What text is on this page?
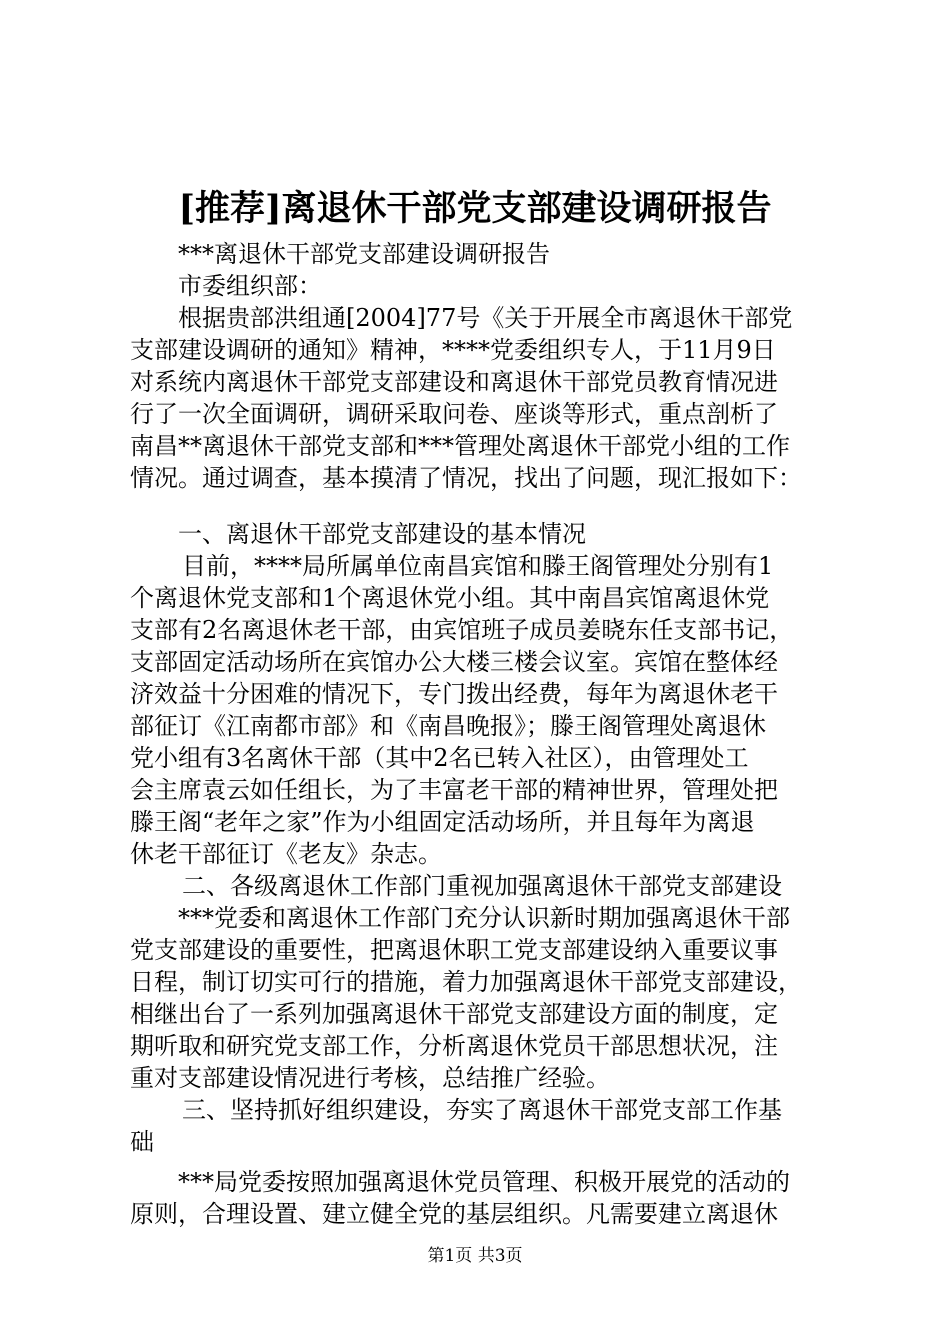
[推荐]离退休干部党支部建设调研报告
***离退休干部党支部建设调研报告
市委组织部：
根据贵部洪组通[2004]77号《关于开展全市离退休干部党
支部建设调研的通知》精神，****党委组织专人，于11月9日
对系统内离退休干部党支部建设和离退休干部党员教育情况进
行了一次全面调研，调研采取问卷、座谈等形式，重点剖析了
南昌**离退休干部党支部和***管理处离退休干部党小组的工作
情况。通过调查，基本摸清了情况，找出了问题，现汇报如下：
一、离退休干部党支部建设的基本情况
目前，****局所属单位南昌宾馆和滕王阁管理处分别有1
个离退休党支部和1个离退休党小组。其中南昌宾馆离退休党
支部有2名离退休老干部，由宾馆班子成员姜晓东任支部书记，
支部固定活动场所在宾馆办公大楼三楼会议室。宾馆在整体经
济效益十分困难的情况下，专门拨出经费，每年为离退休老干
部征订《江南都市部》和《南昌晚报》；滕王阁管理处离退休
党小组有3名离休干部（其中2名已转入社区），由管理处工
会主席袁云如任组长，为了丰富老干部的精神世界，管理处把
滕王阁“老年之家”作为小组固定活动场所，并且每年为离退
休老干部征订《老友》杂志。
二、各级离退休工作部门重视加强离退休干部党支部建设
***党委和离退休工作部门充分认识新时期加强离退休干部
党支部建设的重要性，把离退休职工党支部建设纳入重要议事
日程，制订切实可行的措施，着力加强离退休干部党支部建设，
相继出台了一系列加强离退休干部党支部建设方面的制度，定
期听取和研究党支部工作，分析离退休党员干部思想状况，注
重对支部建设情况进行考核，总结推广经验。
三、坚持抓好组织建设，夯实了离退休干部党支部工作基
础
***局党委按照加强离退休党员管理、积极开展党的活动的
原则，合理设置、建立健全党的基层组织。凡需要建立离退休
第1页 共3页
